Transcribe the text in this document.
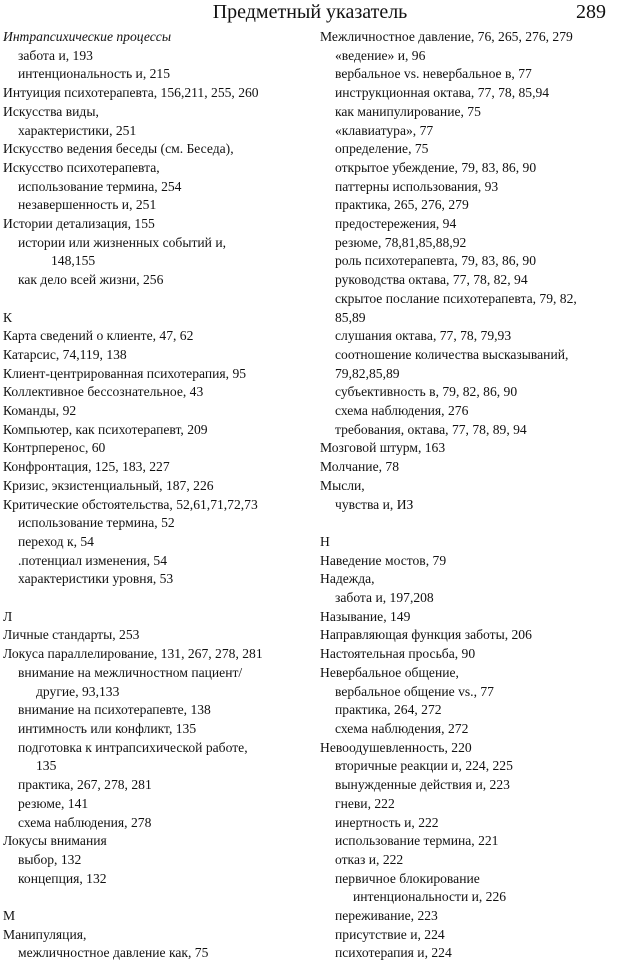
Предметный указатель	289
Интрапсихические процессы
забота и, 193
интенциональность и, 215
Интуиция психотерапевта, 156,211, 255, 260
Искусства виды,
характеристики, 251
Искусство ведения беседы (см. Беседа),
Искусство психотерапевта,
использование термина, 254
незавершенность и, 251
Истории детализация, 155
истории или жизненных событий и,
148,155
как дело всей жизни, 256
К
Карта сведений о клиенте, 47, 62
Катарсис, 74,119, 138
Клиент-центрированная психотерапия, 95
Коллективное бессознательное, 43
Команды, 92
Компьютер, как психотерапевт, 209
Контрперенос, 60
Конфронтация, 125, 183, 227
Кризис, экзистенциальный, 187, 226
Критические обстоятельства, 52,61,71,72,73
использование термина, 52
переход к, 54
.потенциал изменения, 54
характеристики уровня, 53
Л
Личные стандарты, 253
Локуса параллелирование, 131, 267, 278, 281
внимание на межличностном пациент/
другие, 93,133
внимание на психотерапевте, 138
интимность или конфликт, 135
подготовка к интрапсихической работе,
135
практика, 267, 278, 281
резюме, 141
схема наблюдения, 278
Локусы внимания
выбор, 132
концепция, 132
М
Манипуляция,
межличностное давление как, 75
Межличностное давление, 76, 265, 276, 279
«ведение» и, 96
вербальное vs. невербальное в, 77
инструкционная октава, 77, 78, 85,94
как манипулирование, 75
«клавиатура», 77
определение, 75
открытое убеждение, 79, 83, 86, 90
паттерны использования, 93
практика, 265, 276, 279
предостережения, 94
резюме, 78,81,85,88,92
роль психотерапевта, 79, 83, 86, 90
руководства октава, 77, 78, 82, 94
скрытое послание психотерапевта, 79, 82,
85,89
слушания октава, 77, 78, 79,93
соотношение количества высказываний,
79,82,85,89
субъективность в, 79, 82, 86, 90
схема наблюдения, 276
требования, октава, 77, 78, 89, 94
Мозговой штурм, 163
Молчание, 78
Мысли,
чувства и, ИЗ
Н
Наведение мостов, 79
Надежда,
забота и, 197,208
Называние, 149
Направляющая функция заботы, 206
Настоятельная просьба, 90
Невербальное общение,
вербальное общение vs., 77
практика, 264, 272
схема наблюдения, 272
Невоодушевленность, 220
вторичные реакции и, 224, 225
вынужденные действия и, 223
гневи, 222
инертность и, 222
использование термина, 221
отказ и, 222
первичное блокирование
интенциональности и, 226
переживание, 223
присутствие и, 224
психотерапия и, 224
